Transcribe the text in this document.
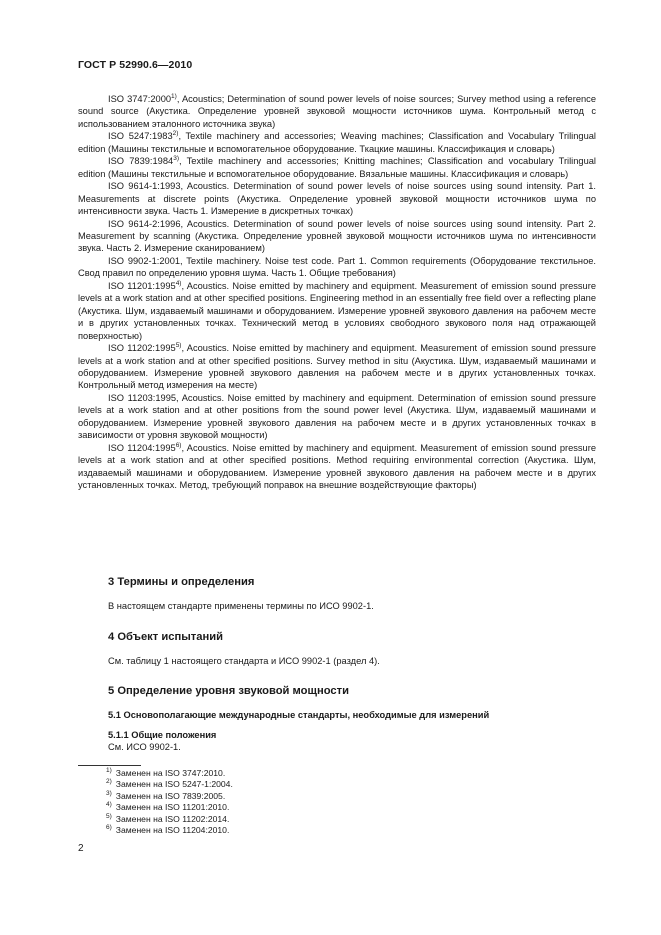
ГОСТ Р 52990.6—2010

ISO 3747:2000$^{1)}$, Acoustics; Determination of sound power levels of noise sources; Survey method using a reference sound source (Акустика. Определение уровней звуковой мощности источников шума. Контрольный метод с использованием эталонного источника звука)

ISO 5247:1983$^{2)}$, Textile machinery and accessories; Weaving machines; Classification and Vocabulary Trilingual edition (Машины текстильные и вспомогательное оборудование. Ткацкие машины. Классификация и словарь)

ISO 7839:1984$^{3)}$, Textile machinery and accessories; Knitting machines; Classification and vocabulary Trilingual edition (Машины текстильные и вспомогательное оборудование. Вязальные машины. Классификация и словарь)

ISO 9614-1:1993, Acoustics. Determination of sound power levels of noise sources using sound intensity. Part 1. Measurements at discrete points (Акустика. Определение уровней звуковой мощности источников шума по интенсивности звука. Часть 1. Измерение в дискретных точках)

ISO 9614-2:1996, Acoustics. Determination of sound power levels of noise sources using sound intensity. Part 2. Measurement by scanning (Акустика. Определение уровней звуковой мощности источников шума по интенсивности звука. Часть 2. Измерение сканированием)

ISO 9902-1:2001, Textile machinery. Noise test code. Part 1. Common requirements (Оборудование текстильное. Свод правил по определению уровня шума. Часть 1. Общие требования)

ISO 11201:1995$^{4)}$, Acoustics. Noise emitted by machinery and equipment. Measurement of emission sound pressure levels at a work station and at other specified positions. Engineering method in an essentially free field over a reflecting plane (Акустика. Шум, издаваемый машинами и оборудованием. Измерение уровней звукового давления на рабочем месте и в других установленных точках. Технический метод в условиях свободного звукового поля над отражающей поверхностью)

ISO 11202:1995$^{5)}$, Acoustics. Noise emitted by machinery and equipment. Measurement of emission sound pressure levels at a work station and at other specified positions. Survey method in situ (Акустика. Шум, издаваемый машинами и оборудованием. Измерение уровней звукового давления на рабочем месте и в других установленных точках. Контрольный метод измерения на месте)

ISO 11203:1995, Acoustics. Noise emitted by machinery and equipment. Determination of emission sound pressure levels at a work station and at other positions from the sound power level (Акустика. Шум, издаваемый машинами и оборудованием. Измерение уровней звукового давления на рабочем месте и в других установленных точках в зависимости от уровня звуковой мощности)

ISO 11204:1995$^{6)}$, Acoustics. Noise emitted by machinery and equipment. Measurement of emission sound pressure levels at a work station and at other specified positions. Method requiring environmental correction (Акустика. Шум, издаваемый машинами и оборудованием. Измерение уровней звукового давления на рабочем месте и в других установленных точках. Метод, требующий поправок на внешние воздействующие факторы)

3 Термины и определения
В настоящем стандарте применены термины по ИСО 9902-1.
4 Объект испытаний
См. таблицу 1 настоящего стандарта и ИСО 9902-1 (раздел 4).
5 Определение уровня звуковой мощности
5.1 Основополагающие международные стандарты, необходимые для измерений
5.1.1 Общие положения
См. ИСО 9902-1.
$^{1)}$ Заменен на ISO 3747:2010.
$^{2)}$ Заменен на ISO 5247-1:2004.
$^{3)}$ Заменен на ISO 7839:2005.
$^{4)}$ Заменен на ISO 11201:2010.
$^{5)}$ Заменен на ISO 11202:2014.
$^{6)}$ Заменен на ISO 11204:2010.
2
